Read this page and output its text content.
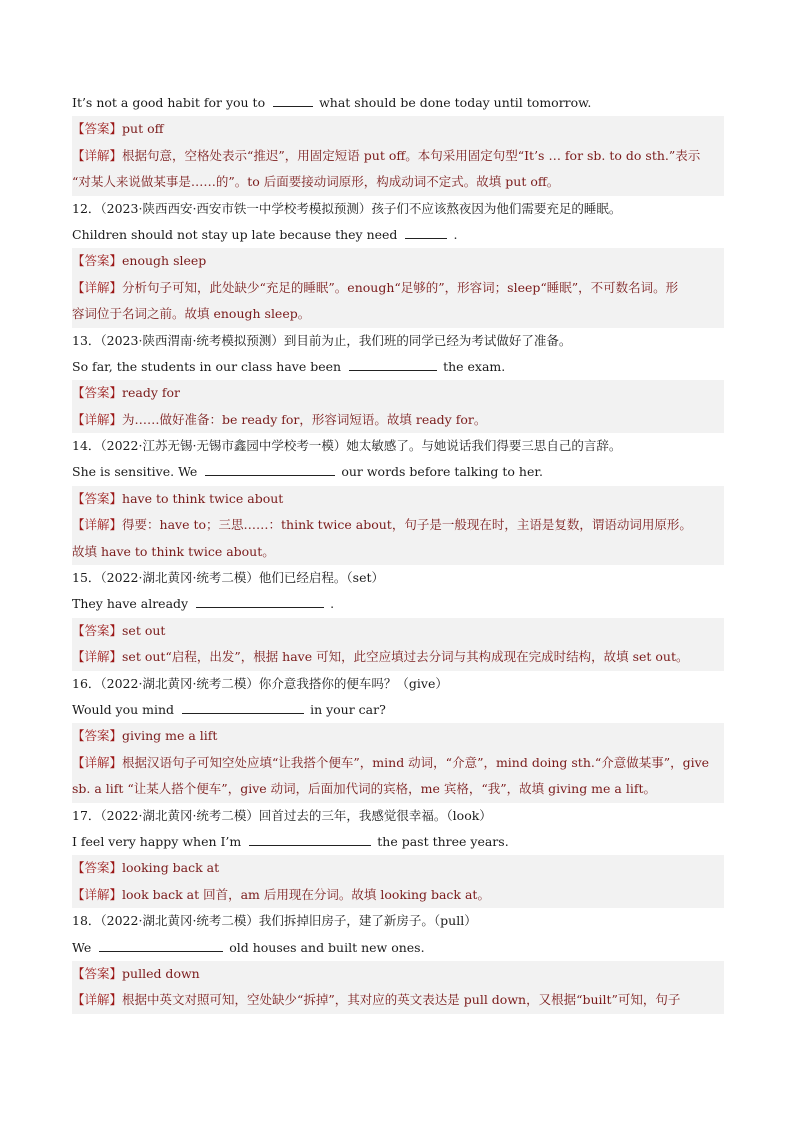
It’s not a good habit for you to	what should be done today until tomorrow.
【答案】put off
【详解】根据句意，空格处表示“推迟”，用固定短语 put off。本句采用固定句型“It’s … for sb. to do sth.”表示
“对某人来说做某事是……的”。to 后面要接动词原形，构成动词不定式。故填 put off。
12．（2023·陕西西安·西安市铁一中学校考模拟预测）孩子们不应该熬夜因为他们需要充足的睡眠。
Children should not stay up late because they need	.
【答案】enough sleep
【详解】分析句子可知，此处缺少“充足的睡眠”。enough“足够的”，形容词；sleep“睡眠”，不可数名词。形
容词位于名词之前。故填 enough sleep。
13．（2023·陕西渭南·统考模拟预测）到目前为止，我们班的同学已经为考试做好了准备。
So far, the students in our class have been	the exam.
【答案】ready for
【详解】为……做好准备：be ready for，形容词短语。故填 ready for。
14．（2022·江苏无锡·无锡市鑫园中学校考一模）她太敏感了。与她说话我们得要三思自己的言辞。
She is sensitive. We	our words before talking to her.
【答案】have to think twice about
【详解】得要：have to；三思……：think twice about，句子是一般现在时，主语是复数，谓语动词用原形。
故填 have to think twice about。
15．（2022·湖北黄冈·统考二模）他们已经启程。（set）
They have already	.
【答案】set out
【详解】set out“启程，出发”，根据 have 可知，此空应填过去分词与其构成现在完成时结构，故填 set out。
16．（2022·湖北黄冈·统考二模）你介意我搭你的便车吗？（give）
Would you mind	in your car?
【答案】giving me a lift
【详解】根据汉语句子可知空处应填“让我搭个便车”，mind 动词，“介意”，mind doing sth.“介意做某事”，give
sb. a lift “让某人搭个便车”，give 动词，后面加代词的宾格，me 宾格，“我”，故填 giving me a lift。
17．（2022·湖北黄冈·统考二模）回首过去的三年，我感觉很幸福。（look）
I feel very happy when I’m	the past three years.
【答案】looking back at
【详解】look back at 回首，am 后用现在分词。故填 looking back at。
18．（2022·湖北黄冈·统考二模）我们拆掉旧房子，建了新房子。（pull）
We	old houses and built new ones.
【答案】pulled down
【详解】根据中英文对照可知，空处缺少“拆掉”，其对应的英文表达是 pull down，又根据“built”可知，句子
